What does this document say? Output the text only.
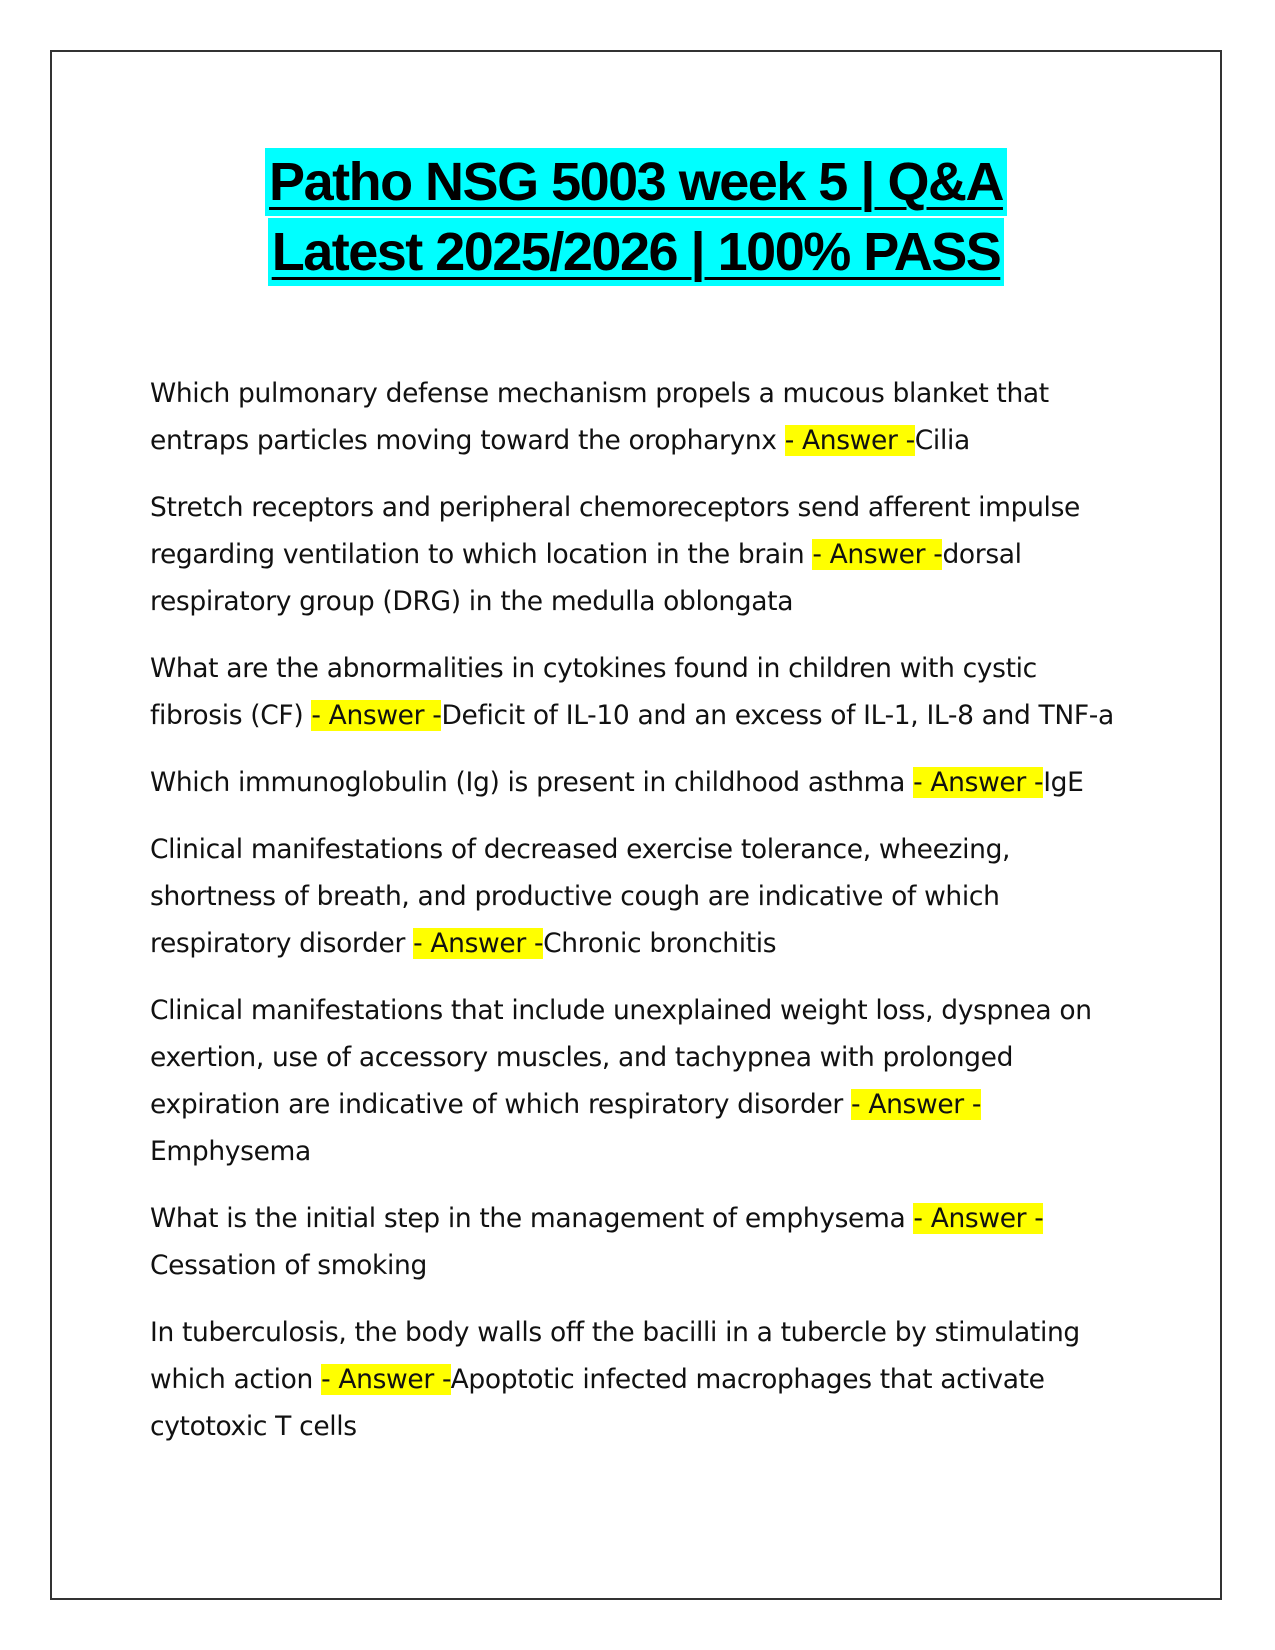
Patho NSG 5003 week 5 | Q&A
Latest 2025/2026 | 100% PASS

Which pulmonary defense mechanism propels a mucous blanket that entraps particles moving toward the oropharynx - Answer -Cilia

Stretch receptors and peripheral chemoreceptors send afferent impulse regarding ventilation to which location in the brain - Answer -dorsal respiratory group (DRG) in the medulla oblongata

What are the abnormalities in cytokines found in children with cystic fibrosis (CF) - Answer -Deficit of IL-10 and an excess of IL-1, IL-8 and TNF-a

Which immunoglobulin (Ig) is present in childhood asthma - Answer -IgE

Clinical manifestations of decreased exercise tolerance, wheezing, shortness of breath, and productive cough are indicative of which respiratory disorder - Answer -Chronic bronchitis

Clinical manifestations that include unexplained weight loss, dyspnea on exertion, use of accessory muscles, and tachypnea with prolonged expiration are indicative of which respiratory disorder - Answer -Emphysema

What is the initial step in the management of emphysema - Answer -Cessation of smoking

In tuberculosis, the body walls off the bacilli in a tubercle by stimulating which action - Answer -Apoptotic infected macrophages that activate cytotoxic T cells
